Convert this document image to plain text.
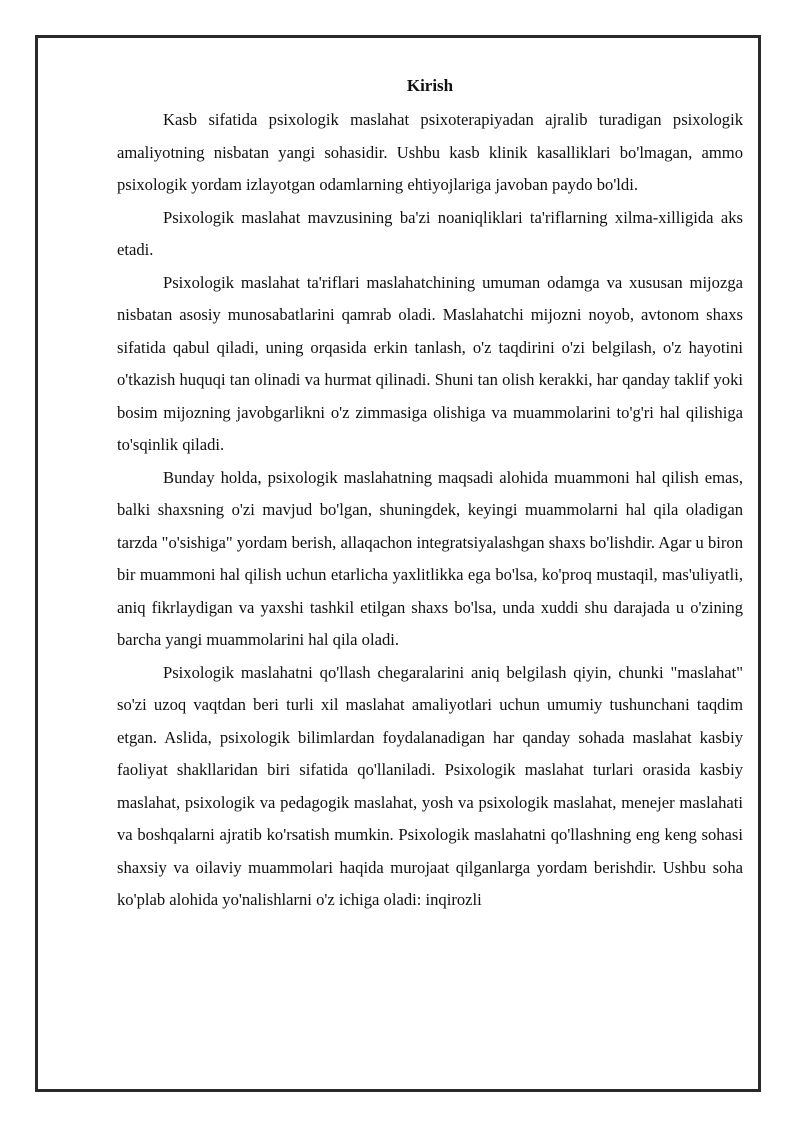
Kirish

Kasb sifatida psixologik maslahat psixoterapiyadan ajralib turadigan psixologik amaliyotning nisbatan yangi sohasidir. Ushbu kasb klinik kasalliklari bo'lmagan, ammo psixologik yordam izlayotgan odamlarning ehtiyojlariga javoban paydo bo'ldi.

Psixologik maslahat mavzusining ba'zi noaniqliklari ta'riflarning xilma-xilligida aks etadi.

Psixologik maslahat ta'riflari maslahatchining umuman odamga va xususan mijozga nisbatan asosiy munosabatlarini qamrab oladi. Maslahatchi mijozni noyob, avtonom shaxs sifatida qabul qiladi, uning orqasida erkin tanlash, o'z taqdirini o'zi belgilash, o'z hayotini o'tkazish huquqi tan olinadi va hurmat qilinadi. Shuni tan olish kerakki, har qanday taklif yoki bosim mijozning javobgarlikni o'z zimmasiga olishiga va muammolarini to'g'ri hal qilishiga to'sqinlik qiladi.

Bunday holda, psixologik maslahatning maqsadi alohida muammoni hal qilish emas, balki shaxsning o'zi mavjud bo'lgan, shuningdek, keyingi muammolarni hal qila oladigan tarzda "o'sishiga" yordam berish, allaqachon integratsiyalashgan shaxs bo'lishdir. Agar u biron bir muammoni hal qilish uchun etarlicha yaxlitlikka ega bo'lsa, ko'proq mustaqil, mas'uliyatli, aniq fikrlaydigan va yaxshi tashkil etilgan shaxs bo'lsa, unda xuddi shu darajada u o'zining barcha yangi muammolarini hal qila oladi.

Psixologik maslahatni qo'llash chegaralarini aniq belgilash qiyin, chunki "maslahat" so'zi uzoq vaqtdan beri turli xil maslahat amaliyotlari uchun umumiy tushunchani taqdim etgan. Aslida, psixologik bilimlardan foydalanadigan har qanday sohada maslahat kasbiy faoliyat shakllaridan biri sifatida qo'llaniladi. Psixologik maslahat turlari orasida kasbiy maslahat, psixologik va pedagogik maslahat, yosh va psixologik maslahat, menejer maslahati va boshqalarni ajratib ko'rsatish mumkin. Psixologik maslahatni qo'llashning eng keng sohasi shaxsiy va oilaviy muammolari haqida murojaat qilganlarga yordam berishdir. Ushbu soha ko'plab alohida yo'nalishlarni o'z ichiga oladi: inqirozli
